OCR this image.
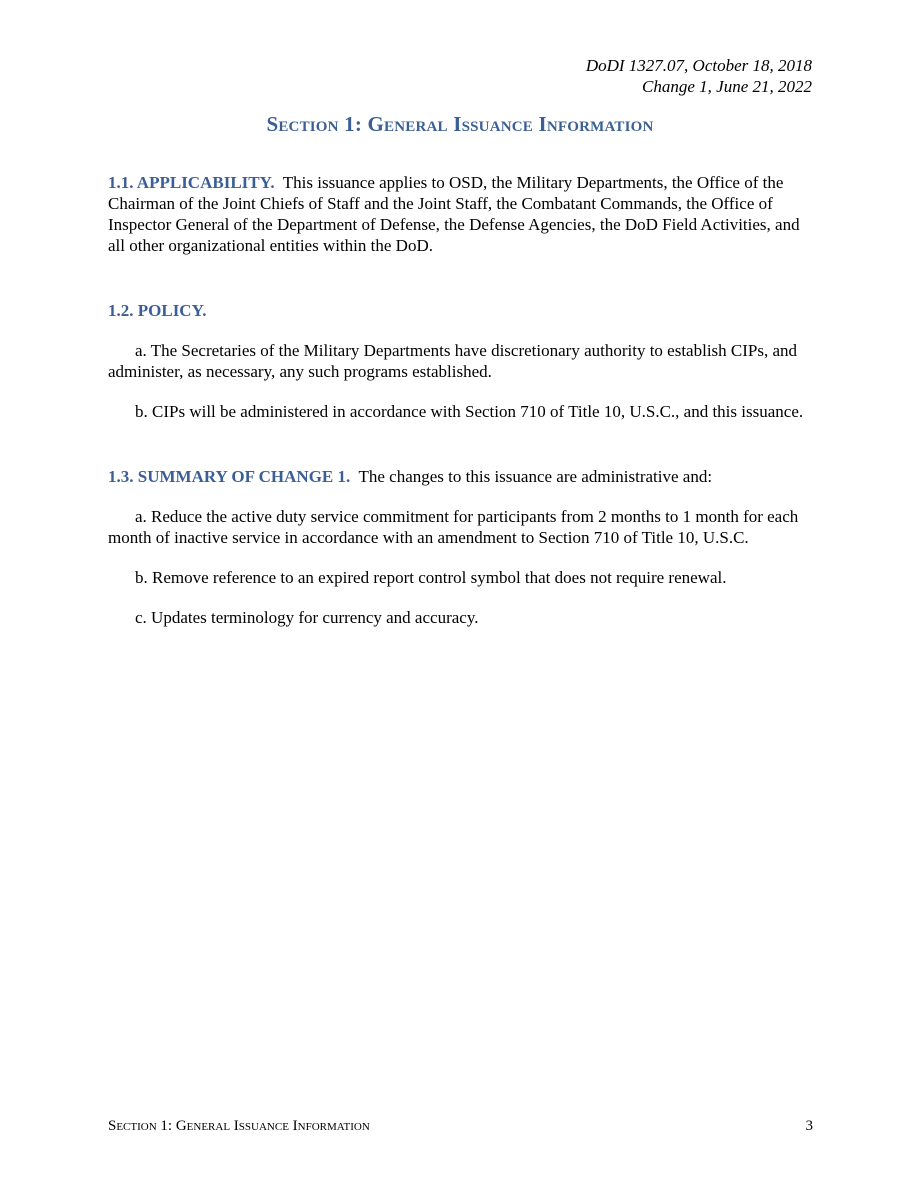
DoDI 1327.07, October 18, 2018
Change 1, June 21, 2022
Section 1: General Issuance Information

1.1. APPLICABILITY. This issuance applies to OSD, the Military Departments, the Office of the Chairman of the Joint Chiefs of Staff and the Joint Staff, the Combatant Commands, the Office of Inspector General of the Department of Defense, the Defense Agencies, the DoD Field Activities, and all other organizational entities within the DoD.

1.2. POLICY.

a. The Secretaries of the Military Departments have discretionary authority to establish CIPs, and administer, as necessary, any such programs established.

b. CIPs will be administered in accordance with Section 710 of Title 10, U.S.C., and this issuance.

1.3. SUMMARY OF CHANGE 1. The changes to this issuance are administrative and:

a. Reduce the active duty service commitment for participants from 2 months to 1 month for each month of inactive service in accordance with an amendment to Section 710 of Title 10, U.S.C.

b. Remove reference to an expired report control symbol that does not require renewal.

c. Updates terminology for currency and accuracy.

Section 1: General Issuance Information	3
